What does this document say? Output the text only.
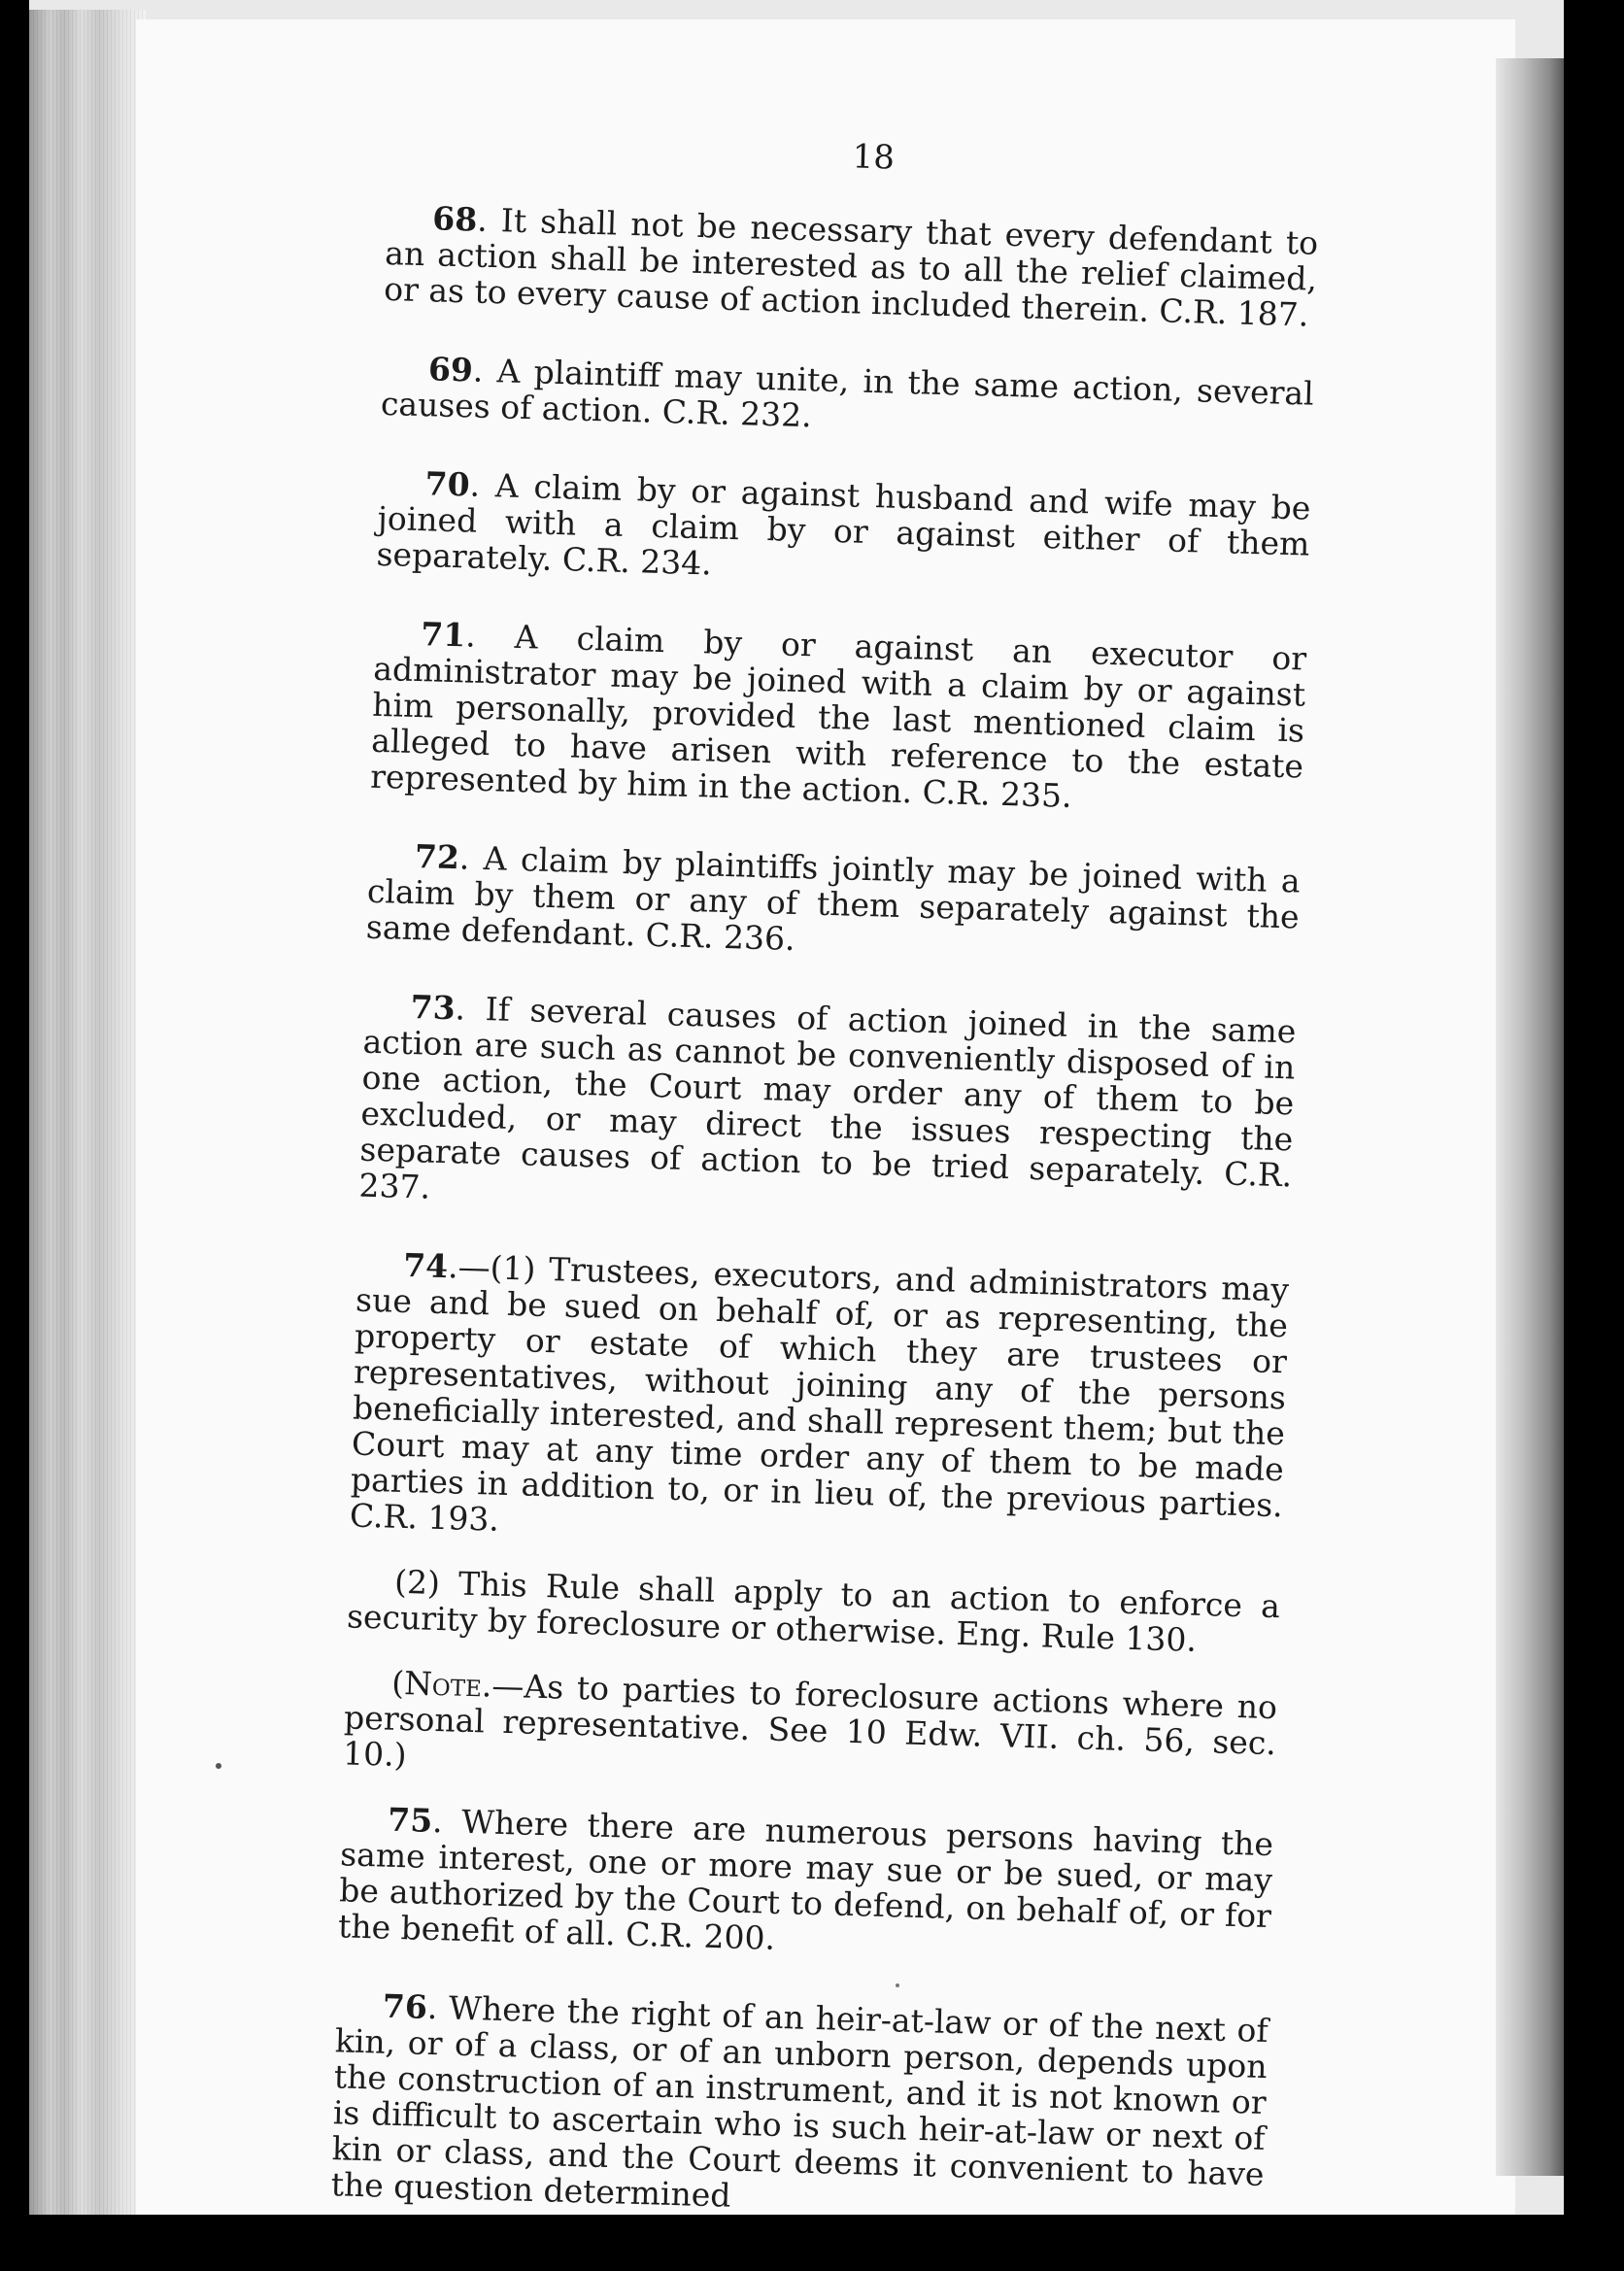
18

68. It shall not be necessary that every defendant to an action shall be interested as to all the relief claimed, or as to every cause of action included therein. C.R. 187.

69. A plaintiff may unite, in the same action, several causes of action. C.R. 232.

70. A claim by or against husband and wife may be joined with a claim by or against either of them separately. C.R. 234.

71. A claim by or against an executor or administrator may be joined with a claim by or against him personally, provided the last mentioned claim is alleged to have arisen with reference to the estate represented by him in the action. C.R. 235.

72. A claim by plaintiffs jointly may be joined with a claim by them or any of them separately against the same defendant. C.R. 236.

73. If several causes of action joined in the same action are such as cannot be conveniently disposed of in one action, the Court may order any of them to be excluded, or may direct the issues respecting the separate causes of action to be tried separately. C.R. 237.

74.—(1) Trustees, executors, and administrators may sue and be sued on behalf of, or as representing, the property or estate of which they are trustees or representatives, without joining any of the persons beneficially interested, and shall represent them; but the Court may at any time order any of them to be made parties in addition to, or in lieu of, the previous parties. C.R. 193.

(2) This Rule shall apply to an action to enforce a security by foreclosure or otherwise. Eng. Rule 130.

(Note.—As to parties to foreclosure actions where no personal representative. See 10 Edw. VII. ch. 56, sec. 10.)

75. Where there are numerous persons having the same interest, one or more may sue or be sued, or may be authorized by the Court to defend, on behalf of, or for the benefit of all. C.R. 200.

76. Where the right of an heir-at-law or of the next of kin, or of a class, or of an unborn person, depends upon the construction of an instrument, and it is not known or is difficult to ascertain who is such heir-at-law or next of kin or class, and the Court deems it convenient to have the question determined
